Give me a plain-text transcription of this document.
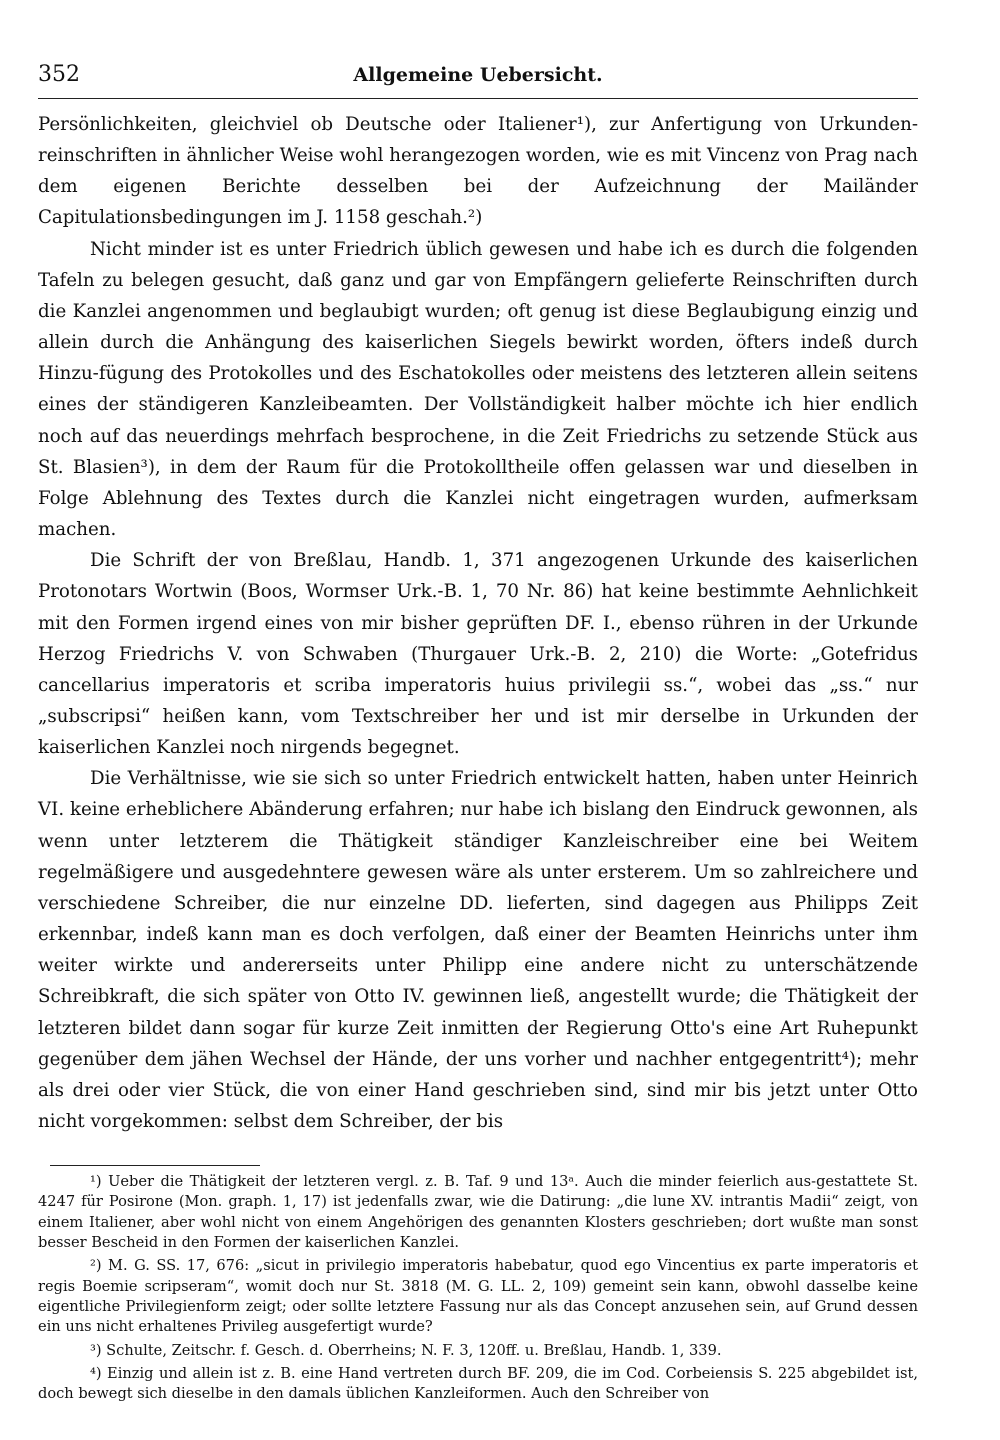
352	Allgemeine Uebersicht.

Persönlichkeiten, gleichviel ob Deutsche oder Italiener¹), zur Anfertigung von Urkunden-reinschriften in ähnlicher Weise wohl herangezogen worden, wie es mit Vincenz von Prag nach dem eigenen Berichte desselben bei der Aufzeichnung der Mailänder Capitulationsbedingungen im J. 1158 geschah.²)

Nicht minder ist es unter Friedrich üblich gewesen und habe ich es durch die folgenden Tafeln zu belegen gesucht, daß ganz und gar von Empfängern gelieferte Reinschriften durch die Kanzlei angenommen und beglaubigt wurden; oft genug ist diese Beglaubigung einzig und allein durch die Anhängung des kaiserlichen Siegels bewirkt worden, öfters indeß durch Hinzu-fügung des Protokolles und des Eschatokolles oder meistens des letzteren allein seitens eines der ständigeren Kanzleibeamten. Der Vollständigkeit halber möchte ich hier endlich noch auf das neuerdings mehrfach besprochene, in die Zeit Friedrichs zu setzende Stück aus St. Blasien³), in dem der Raum für die Protokolltheile offen gelassen war und dieselben in Folge Ablehnung des Textes durch die Kanzlei nicht eingetragen wurden, aufmerksam machen.

Die Schrift der von Breßlau, Handb. 1, 371 angezogenen Urkunde des kaiserlichen Protonotars Wortwin (Boos, Wormser Urk.-B. 1, 70 Nr. 86) hat keine bestimmte Aehnlichkeit mit den Formen irgend eines von mir bisher geprüften DF. I., ebenso rühren in der Urkunde Herzog Friedrichs V. von Schwaben (Thurgauer Urk.-B. 2, 210) die Worte: „Gotefridus cancellarius imperatoris et scriba imperatoris huius privilegii ss.“, wobei das „ss.“ nur „subscripsi“ heißen kann, vom Textschreiber her und ist mir derselbe in Urkunden der kaiserlichen Kanzlei noch nirgends begegnet.

Die Verhältnisse, wie sie sich so unter Friedrich entwickelt hatten, haben unter Heinrich VI. keine erheblichere Abänderung erfahren; nur habe ich bislang den Eindruck gewonnen, als wenn unter letzterem die Thätigkeit ständiger Kanzleischreiber eine bei Weitem regelmäßigere und ausgedehntere gewesen wäre als unter ersterem. Um so zahlreichere und verschiedene Schreiber, die nur einzelne DD. lieferten, sind dagegen aus Philipps Zeit erkennbar, indeß kann man es doch verfolgen, daß einer der Beamten Heinrichs unter ihm weiter wirkte und andererseits unter Philipp eine andere nicht zu unterschätzende Schreibkraft, die sich später von Otto IV. gewinnen ließ, angestellt wurde; die Thätigkeit der letzteren bildet dann sogar für kurze Zeit inmitten der Regierung Otto's eine Art Ruhepunkt gegenüber dem jähen Wechsel der Hände, der uns vorher und nachher entgegentritt⁴); mehr als drei oder vier Stück, die von einer Hand geschrieben sind, sind mir bis jetzt unter Otto nicht vorgekommen: selbst dem Schreiber, der bis

¹) Ueber die Thätigkeit der letzteren vergl. z. B. Taf. 9 und 13ᵃ. Auch die minder feierlich aus-gestattete St. 4247 für Posirone (Mon. graph. 1, 17) ist jedenfalls zwar, wie die Datirung: „die lune XV. intrantis Madii“ zeigt, von einem Italiener, aber wohl nicht von einem Angehörigen des genannten Klosters geschrieben; dort wußte man sonst besser Bescheid in den Formen der kaiserlichen Kanzlei.

²) M. G. SS. 17, 676: „sicut in privilegio imperatoris habebatur, quod ego Vincentius ex parte imperatoris et regis Boemie scripseram“, womit doch nur St. 3818 (M. G. LL. 2, 109) gemeint sein kann, obwohl dasselbe keine eigentliche Privilegienform zeigt; oder sollte letztere Fassung nur als das Concept anzusehen sein, auf Grund dessen ein uns nicht erhaltenes Privileg ausgefertigt wurde?

³) Schulte, Zeitschr. f. Gesch. d. Oberrheins; N. F. 3, 120ff. u. Breßlau, Handb. 1, 339.

⁴) Einzig und allein ist z. B. eine Hand vertreten durch BF. 209, die im Cod. Corbeiensis S. 225 abgebildet ist, doch bewegt sich dieselbe in den damals üblichen Kanzleiformen. Auch den Schreiber von
